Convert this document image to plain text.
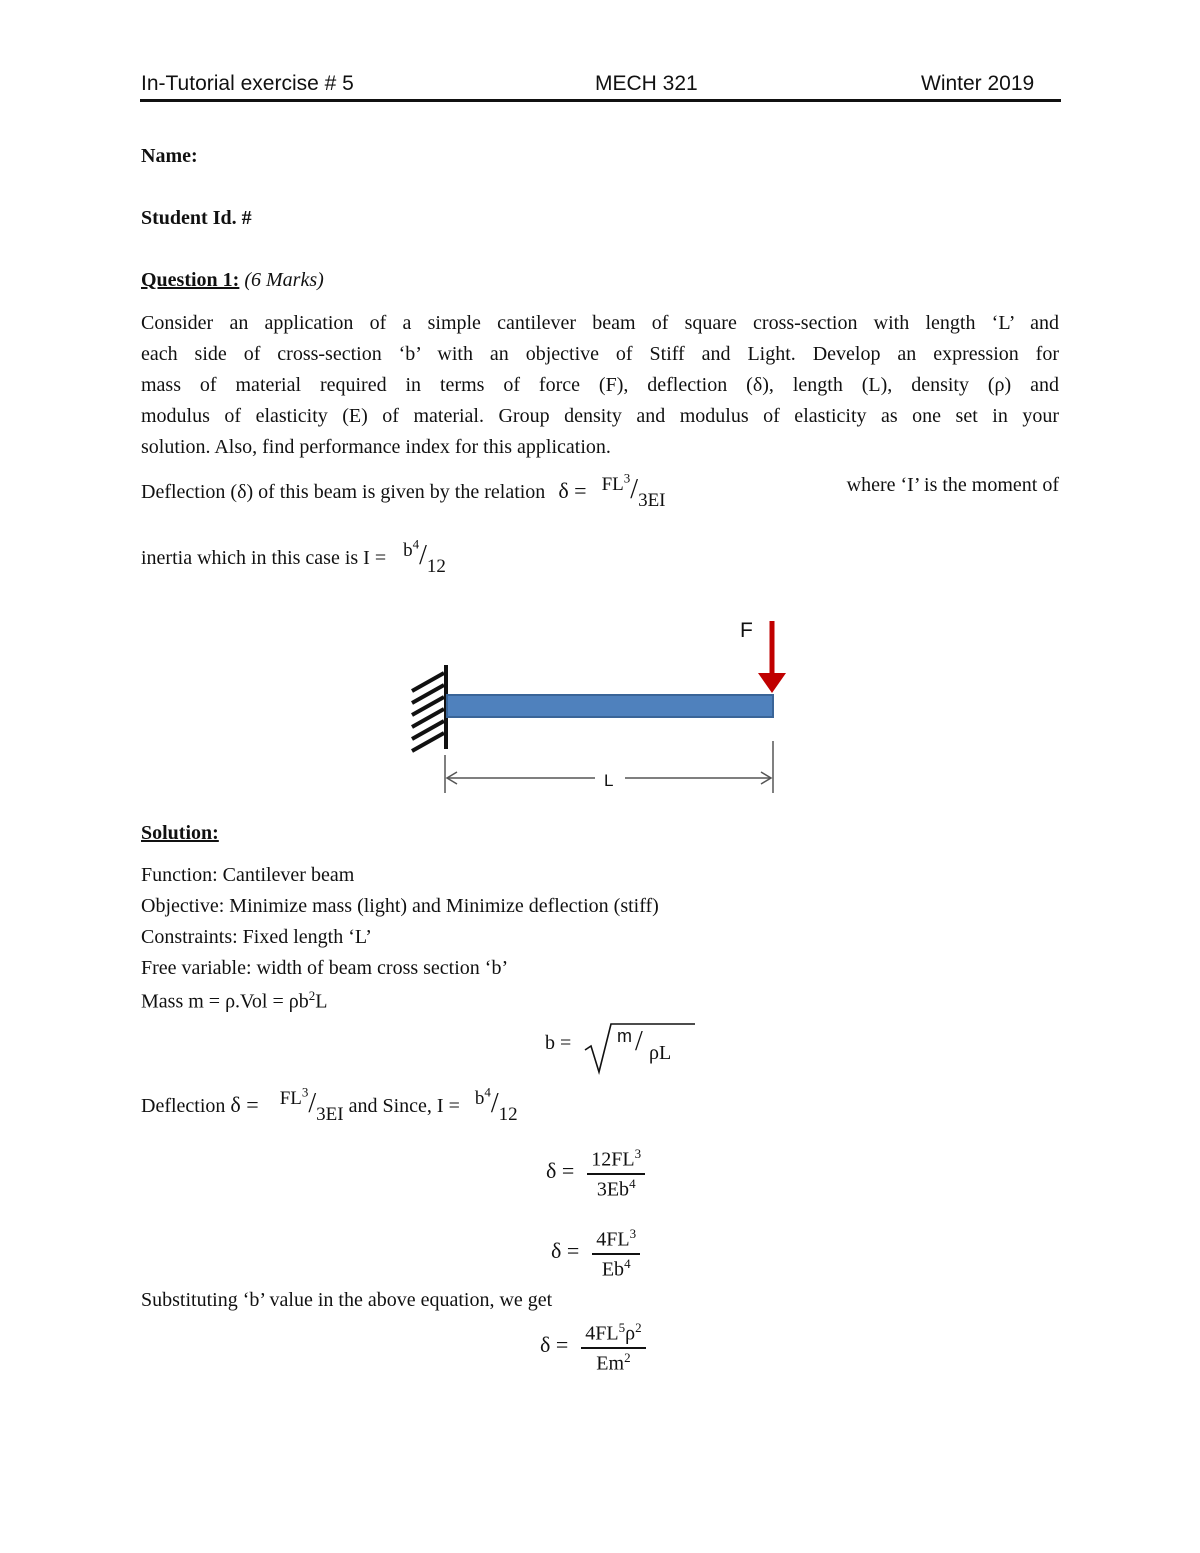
In-Tutorial exercise # 5	MECH 321	Winter 2019
Name:
Student Id. #
Question 1: (6 Marks)
Consider an application of a simple cantilever beam of square cross-section with length ‘L’ and
each side of cross-section ‘b’ with an objective of Stiff and Light. Develop an expression for
mass of material required in terms of force (F), deflection (δ), length (L), density (ρ) and
modulus of elasticity (E) of material. Group density and modulus of elasticity as one set in your
solution. Also, find performance index for this application.
Deflection (δ) of this beam is given by the relation $\delta = FL^3/3EI$
where ‘I’ is the moment of
inertia which in this case is $I = b^4/12$
F
L
Solution:
Function: Cantilever beam
Objective: Minimize mass (light) and Minimize deflection (stiff)
Constraints: Fixed length ‘L’
Free variable: width of beam cross section ‘b’
Mass $m = \rho.Vol = \rho b^2L$
b =	m / ρL
Deflection $\delta = FL^3/3EI$ and Since, $I = b^4/12$
$\delta = \frac{12FL^3}{3Eb^4}$
$\delta = \frac{4FL^3}{Eb^4}$
Substituting ‘b’ value in the above equation, we get
$\delta = \frac{4FL^5\rho^2}{Em^2}$
